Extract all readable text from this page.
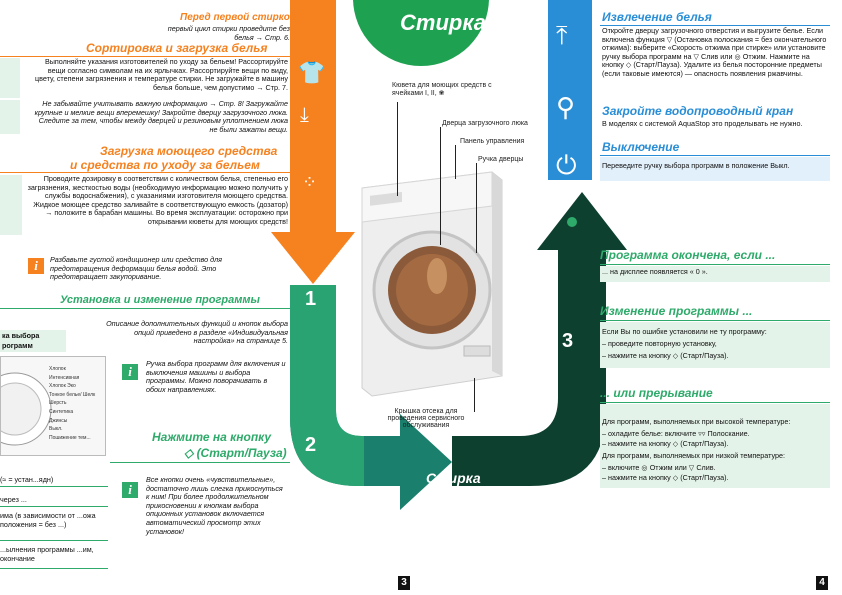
Стирка
Кювета для моющих средств с ячейками I, II, ❀
Дверца загрузочного люка
Панель управления
Ручка дверцы
Крышка отсека для проведения сервисного обслуживания
1
2
3
Стирка
Перед первой стиркой
первый цикл стирки проведите без белья → Стр. 6.
Сортировка и загрузка белья
Выполняйте указания изготовителей по уходу за бельем! Рассортируйте вещи согласно символам на их ярлычках. Рассортируйте вещи по виду, цвету, степени загрязнения и температуре стирки. Не загружайте в машину белья больше, чем допустимо → Стр. 7.
Не забывайте учитывать важную информацию → Стр. 8! Загружайте крупные и мелкие вещи вперемешку! Закройте дверцу загрузочного люка. Следите за тем, чтобы между дверцей и резиновым уплотнением люка не были зажаты вещи.
Загрузка моющего средства
и средства по уходу за бельем
Проводите дозировку в соответствии с количеством белья, степенью его загрязнения, жесткостью воды (необходимую информацию можно получить у службы водоснабжения), с указаниями изготовителя моющего средства. Жидкое моющее средство заливайте в соответствующую емкость (дозатор) → положите в барабан машины. Во время эксплуатации: осторожно при открывании кюветы для моющих средств!
i	Разбавьте густой кондиционер или средство для предотвращения деформации белья водой. Это предотвращает закупоривание.
Установка и изменение программы
ка выбора
рограмм
Хлопок
Интенсивная
Хлопок Эко
Тонкое белье/ Шелк
Шерсть
Синтетика
Джинсы
Выкл.
Пошижение тем...
Описание дополнительных функций и кнопок выбора опций приведено в разделе «Индивидуальная настройка» на странице 5.
i
Ручка выбора программ для включения и выключения машины и выбора программы. Можно поворачивать в обоих направлениях.
Нажмите на кнопку
◇ (Старт/Пауза)
i
Все кнопки очень «чувствительные», достаточно лишь слегка прикоснуться к ним! При более продолжительном прикосновении к кнопкам выбора опционных установок включается автоматический просмотр этих установок!
(≈ = устан...ядн)
через ...
има (в зависимости от ...ожа положения = без ...)
...ылнения программы ...им, окончание
3
👕
⤓
⁘
⤒
⚲
⏻
Извлечение белья
Откройте дверцу загрузочного отверстия и выгрузите белье. Если включена функция ▽ (Остановка полоскания = без окончательного отжима): выберите «Скорость отжима при стирке» или установите ручку выбора программ на ▽ Слив или ◎ Отжим. Нажмите на кнопку ◇ (Старт/Пауза). Удалите из белья посторонние предметы (если таковые имеются) — опасность появления ржавчины.
Закройте водопроводный кран
В моделях с системой AquaStop это проделывать не нужно.
Выключение
Переведите ручку выбора программ в положение Выкл.
Программа окончена, если ...
... на дисплее появляется « 0 ».
Изменение программы ...
Если Вы по ошибке установили не ту программу:
– проведите повторную установку,
– нажмите на кнопку ◇ (Старт/Пауза).
... или прерывание
Для программ, выполняемых при высокой температуре:
– охладите белье: включите ▿▿ Полоскание.
– нажмите на кнопку ◇ (Старт/Пауза).
Для программ, выполняемых при низкой температуре:
– включите ◎ Отжим или ▽ Слив.
– нажмите на кнопку ◇ (Старт/Пауза).
4
